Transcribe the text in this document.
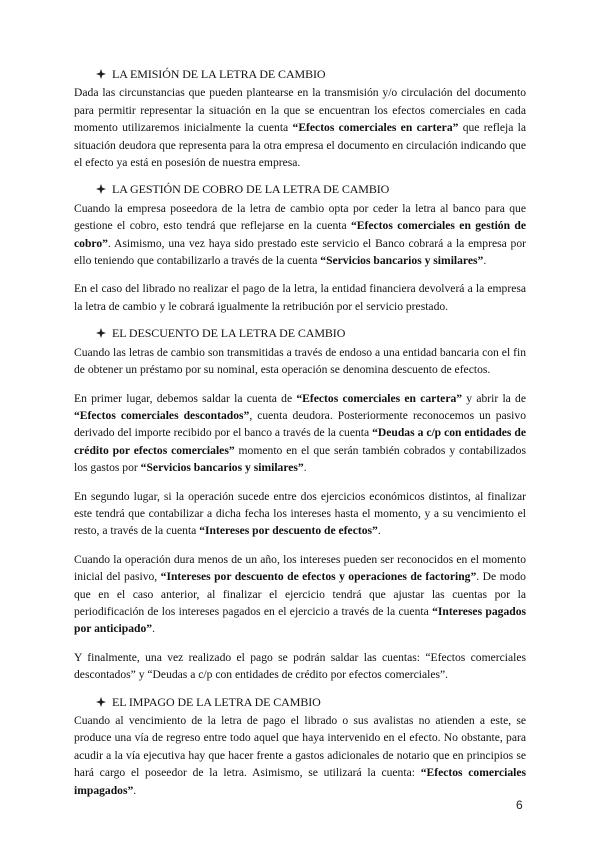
LA EMISIÓN DE LA LETRA DE CAMBIO

Dada las circunstancias que pueden plantearse en la transmisión y/o circulación del documento para permitir representar la situación en la que se encuentran los efectos comerciales en cada momento utilizaremos inicialmente la cuenta “Efectos comerciales en cartera” que refleja la situación deudora que representa para la otra empresa el documento en circulación indicando que el efecto ya está en posesión de nuestra empresa.

LA GESTIÓN DE COBRO DE LA LETRA DE CAMBIO

Cuando la empresa poseedora de la letra de cambio opta por ceder la letra al banco para que gestione el cobro, esto tendrá que reflejarse en la cuenta “Efectos comerciales en gestión de cobro”. Asimismo, una vez haya sido prestado este servicio el Banco cobrará a la empresa por ello teniendo que contabilizarlo a través de la cuenta “Servicios bancarios y similares”.

En el caso del librado no realizar el pago de la letra, la entidad financiera devolverá a la empresa la letra de cambio y le cobrará igualmente la retribución por el servicio prestado.

EL DESCUENTO DE LA LETRA DE CAMBIO

Cuando las letras de cambio son transmitidas a través de endoso a una entidad bancaria con el fin de obtener un préstamo por su nominal, esta operación se denomina descuento de efectos.

En primer lugar, debemos saldar la cuenta de “Efectos comerciales en cartera” y abrir la de “Efectos comerciales descontados”, cuenta deudora. Posteriormente reconocemos un pasivo derivado del importe recibido por el banco a través de la cuenta “Deudas a c/p con entidades de crédito por efectos comerciales” momento en el que serán también cobrados y contabilizados los gastos por “Servicios bancarios y similares”.

En segundo lugar, si la operación sucede entre dos ejercicios económicos distintos, al finalizar este tendrá que contabilizar a dicha fecha los intereses hasta el momento, y a su vencimiento el resto, a través de la cuenta “Intereses por descuento de efectos”.

Cuando la operación dura menos de un año, los intereses pueden ser reconocidos en el momento inicial del pasivo, “Intereses por descuento de efectos y operaciones de factoring”. De modo que en el caso anterior, al finalizar el ejercicio tendrá que ajustar las cuentas por la periodificación de los intereses pagados en el ejercicio a través de la cuenta “Intereses pagados por anticipado”.

Y finalmente, una vez realizado el pago se podrán saldar las cuentas: “Efectos comerciales descontados” y “Deudas a c/p con entidades de crédito por efectos comerciales”.

EL IMPAGO DE LA LETRA DE CAMBIO

Cuando al vencimiento de la letra de pago el librado o sus avalistas no atienden a este, se produce una vía de regreso entre todo aquel que haya intervenido en el efecto. No obstante, para acudir a la vía ejecutiva hay que hacer frente a gastos adicionales de notario que en principios se hará cargo el poseedor de la letra. Asimismo, se utilizará la cuenta: “Efectos comerciales impagados”.

6
